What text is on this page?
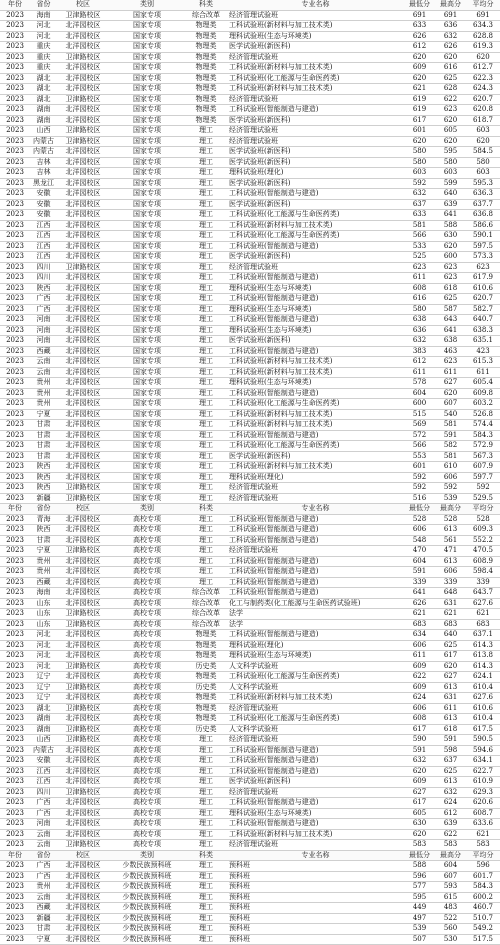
年份	省份	校区	类别	科类	专业名称	最低分	最高分	平均分
2023	海南	卫津路校区	国家专项	综合改革	经济管理试验班	691	691	691
2023	河北	北洋园校区	国家专项	物理类	工科试验班(新材料与加工技术类)	633	636	634.3
2023	河北	北洋园校区	国家专项	物理类	理科试验班(生态与环境类)	626	632	628.8
2023	重庆	北洋园校区	国家专项	物理类	医学试验班(新医科)	612	626	619.3
2023	重庆	卫津路校区	国家专项	物理类	经济管理试验班	620	620	620
2023	重庆	北洋园校区	国家专项	物理类	工科试验班(新材料与加工技术类)	609	616	612.7
2023	湖北	北洋园校区	国家专项	物理类	工科试验班(化工能源与生命医药类)	620	625	622.3
2023	湖北	北洋园校区	国家专项	物理类	工科试验班(新材料与加工技术类)	621	628	624.3
2023	湖北	卫津路校区	国家专项	物理类	经济管理试验班	619	622	620.7
2023	湖南	北洋园校区	国家专项	物理类	工科试验班(智能制造与建造)	619	623	620.8
2023	湖南	北洋园校区	国家专项	物理类	医学试验班(新医科)	617	620	618.7
2023	山西	卫津路校区	国家专项	理工	经济管理试验班	601	605	603
2023	内蒙古	卫津路校区	国家专项	理工	经济管理试验班	620	620	620
2023	内蒙古	北洋园校区	国家专项	理工	医学试验班(新医科)	580	595	584.5
2023	吉林	北洋园校区	国家专项	理工	医学试验班(新医科)	580	580	580
2023	吉林	北洋园校区	国家专项	理工	理科试验班(理化)	603	603	603
2023	黑龙江	北洋园校区	国家专项	理工	医学试验班(新医科)	592	599	595.3
2023	安徽	北洋园校区	国家专项	理工	工科试验班(智能制造与建造)	632	640	636.3
2023	安徽	北洋园校区	国家专项	理工	医学试验班(新医科)	637	639	637.7
2023	安徽	北洋园校区	国家专项	理工	工科试验班(化工能源与生命医药类)	633	641	636.8
2023	江西	北洋园校区	国家专项	理工	工科试验班(新材料与加工技术类)	581	588	586.6
2023	江西	北洋园校区	国家专项	理工	工科试验班(化工能源与生命医药类)	566	630	590.1
2023	江西	北洋园校区	国家专项	理工	工科试验班(智能制造与建造)	533	620	597.5
2023	江西	北洋园校区	国家专项	理工	医学试验班(新医科)	525	600	573.3
2023	四川	卫津路校区	国家专项	理工	经济管理试验班	623	623	623
2023	四川	北洋园校区	国家专项	理工	工科试验班(智能制造与建造)	611	623	617.9
2023	陕西	北洋园校区	国家专项	理工	理科试验班(生态与环境类)	608	618	610.6
2023	广西	北洋园校区	国家专项	理工	工科试验班(智能制造与建造)	616	625	620.7
2023	广西	北洋园校区	国家专项	理工	理科试验班(生态与环境类)	580	587	582.7
2023	河南	北洋园校区	国家专项	理工	工科试验班(智能制造与建造)	638	643	640.7
2023	河南	北洋园校区	国家专项	理工	理科试验班(生态与环境类)	636	641	638.3
2023	河南	北洋园校区	国家专项	理工	医学试验班(新医科)	632	638	635.1
2023	西藏	北洋园校区	国家专项	理工	工科试验班(智能制造与建造)	383	463	423
2023	云南	北洋园校区	国家专项	理工	工科试验班(新材料与加工技术类)	612	623	615.3
2023	云南	北洋园校区	国家专项	理工	工科试验班(新材料与加工技术类)	611	611	611
2023	贵州	北洋园校区	国家专项	理工	理科试验班(生态与环境类)	578	627	605.4
2023	贵州	北洋园校区	国家专项	理工	工科试验班(智能制造与建造)	604	620	609.8
2023	贵州	北洋园校区	国家专项	理工	工科试验班(化工能源与生命医药类)	600	607	603.2
2023	宁夏	北洋园校区	国家专项	理工	工科试验班(新材料与加工技术类)	515	540	526.8
2023	甘肃	北洋园校区	国家专项	理工	工科试验班(新材料与加工技术类)	569	581	574.4
2023	甘肃	北洋园校区	国家专项	理工	工科试验班(智能制造与建造)	572	591	584.3
2023	甘肃	北洋园校区	国家专项	理工	工科试验班(化工能源与生命医药类)	566	582	572.9
2023	甘肃	北洋园校区	国家专项	理工	医学试验班(新医科)	553	581	567.3
2023	陕西	北洋园校区	国家专项	理工	工科试验班(新材料与加工技术类)	601	610	607.9
2023	陕西	北洋园校区	国家专项	理工	理科试验班(理化)	592	606	597.7
2023	陕西	卫津路校区	国家专项	理工	经济管理试验班	592	592	592
2023	新疆	卫津路校区	国家专项	理工	经济管理试验班	516	539	529.5
年份	省份	校区	类别	科类	专业名称	最低分	最高分	平均分
2023	青海	北洋园校区	高校专项	理工	工科试验班(智能制造与建造)	528	528	528
2023	陕西	北洋园校区	高校专项	理工	工科试验班(智能制造与建造)	606	613	609.3
2023	甘肃	北洋园校区	高校专项	理工	工科试验班(智能制造与建造)	548	561	552.2
2023	宁夏	卫津路校区	高校专项	理工	经济管理试验班	470	471	470.5
2023	贵州	北洋园校区	高校专项	理工	工科试验班(智能制造与建造)	604	613	608.9
2023	贵州	北洋园校区	高校专项	理工	工科试验班(智能制造与建造)	591	606	598.4
2023	西藏	北洋园校区	高校专项	理工	工科试验班(智能制造与建造)	339	339	339
2023	海南	北洋园校区	高校专项	综合改革	工科试验班(智能制造与建造)	641	648	643.7
2023	山东	北洋园校区	高校专项	综合改革	化工与制药类(化工能源与生命医药试验班)	626	631	627.6
2023	山东	卫津路校区	高校专项	综合改革	法学	621	621	621
2023	山东	卫津路校区	高校专项	综合改革	法学	683	683	683
2023	河北	北洋园校区	高校专项	物理类	工科试验班(智能制造与建造)	634	640	637.1
2023	河北	北洋园校区	高校专项	物理类	理科试验班(理化)	606	625	614.3
2023	河北	北洋园校区	高校专项	物理类	理科试验班(生态与环境类)	611	617	613.8
2023	河北	卫津路校区	高校专项	历史类	人文科学试验班	609	620	614.3
2023	辽宁	北洋园校区	高校专项	物理类	工科试验班(化工能源与生命医药类)	622	627	624.1
2023	辽宁	卫津路校区	高校专项	历史类	人文科学试验班	609	613	610.4
2023	辽宁	北洋园校区	高校专项	物理类	工科试验班(新材料与加工技术类)	624	631	627.6
2023	湖北	卫津路校区	高校专项	物理类	经济管理试验班	606	611	610.6
2023	湖南	北洋园校区	高校专项	物理类	工科试验班(化工能源与生命医药类)	608	613	610.4
2023	湖南	卫津路校区	高校专项	历史类	人文科学试验班	617	618	617.5
2023	山西	卫津路校区	高校专项	理工	经济管理试验班	590	591	590.5
2023	内蒙古	北洋园校区	高校专项	理工	工科试验班(智能制造与建造)	591	598	594.6
2023	安徽	北洋园校区	高校专项	理工	工科试验班(智能制造与建造)	632	637	634.1
2023	江西	北洋园校区	高校专项	理工	工科试验班(智能制造与建造)	620	625	622.7
2023	江西	北洋园校区	高校专项	理工	医学试验班(新医科)	609	613	610.9
2023	四川	卫津路校区	高校专项	理工	经济管理试验班	627	632	629.3
2023	广西	北洋园校区	高校专项	理工	工科试验班(智能制造与建造)	617	624	620.6
2023	广西	北洋园校区	高校专项	理工	理科试验班(生态与环境类)	605	612	608.7
2023	河南	北洋园校区	高校专项	理工	工科试验班(智能制造与建造)	630	639	633.6
2023	云南	北洋园校区	高校专项	理工	工科试验班(新材料与加工技术类)	620	622	621
2023	云南	卫津路校区	高校专项	理工	经济管理试验班	583	583	583
年份	省份	校区	类别	科类	专业名称	最低分	最高分	平均分
2023	广西	北洋园校区	少数民族预科班	理工	预科班	588	604	596
2023	广西	北洋园校区	少数民族预科班	理工	预科班	596	607	601.7
2023	贵州	北洋园校区	少数民族预科班	理工	预科班	577	593	584.3
2023	云南	北洋园校区	少数民族预科班	理工	预科班	595	615	600.2
2023	西藏	北洋园校区	少数民族预科班	理工	预科班	449	483	460.7
2023	新疆	北洋园校区	少数民族预科班	理工	预科班	497	522	510.7
2023	甘肃	北洋园校区	少数民族预科班	理工	预科班	539	560	549.2
2023	宁夏	北洋园校区	少数民族预科班	理工	预科班	507	530	517.5
